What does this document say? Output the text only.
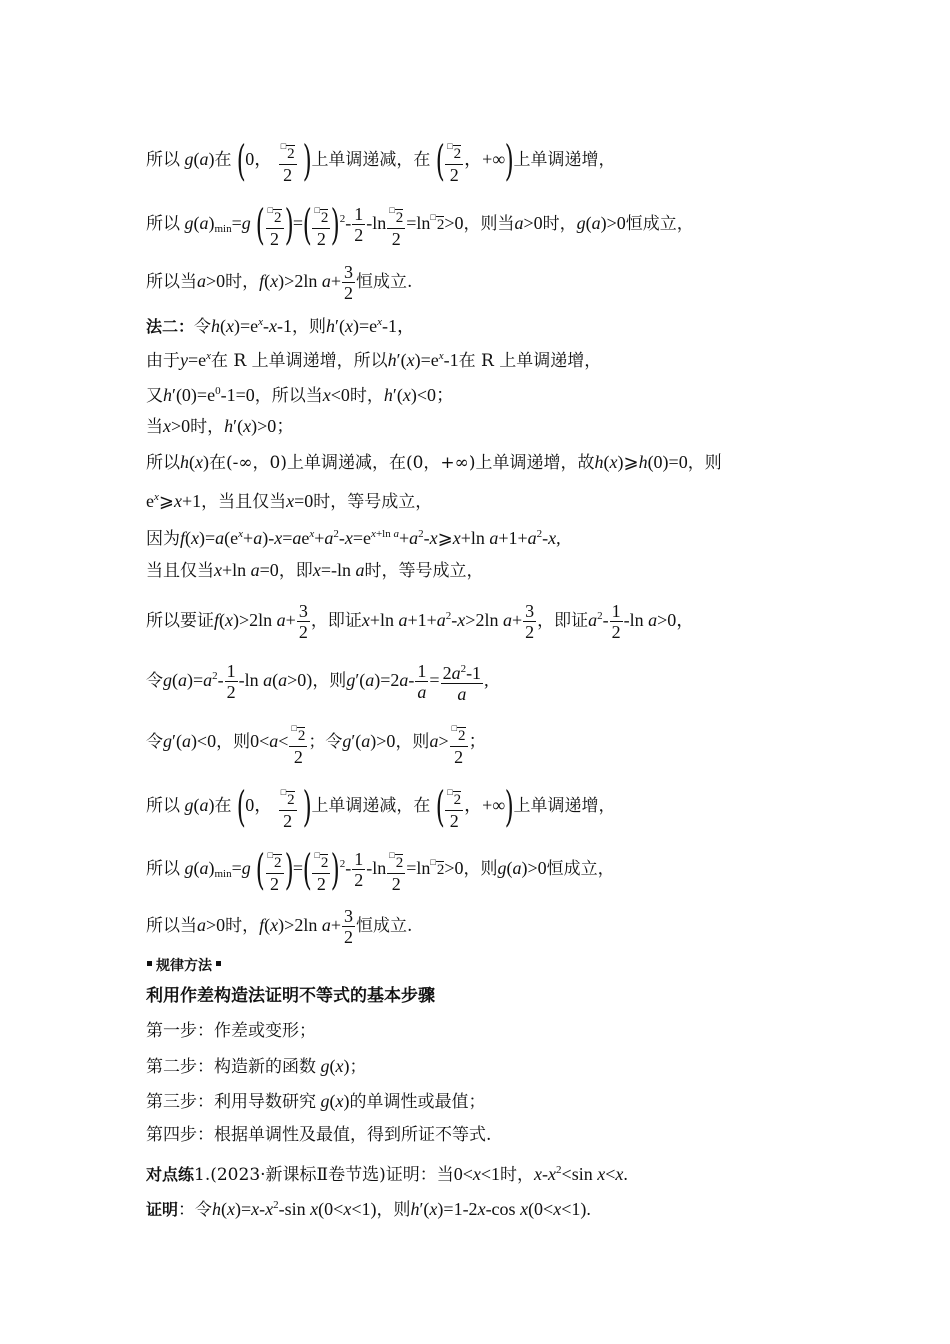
所以 g(a)在 (0， $\frac{^□2}{2}$ )上单调递减，在 ( $\frac{^□2}{2}$ ，+∞)上单调递增，
所以 $g(a)_{min}=g$ ( $\frac{^□2}{2}$ )=( $\frac{^□2}{2} )^2- \frac{1}{2} -\ln \frac{^□2}{2} =\ln^□2>0$，则当a>0时，g(a)>0恒成立，
所以当a>0时，f(x)>2ln $a+ \frac{3}{2}$ 恒成立.
法二：令$h(x)=e^x-x-1$，则$h'(x)=e^x-1$，
由于$y=e^x$在 R 上单调递增，所以$h'(x)=e^x-1$在 R 上单调递增，
又$h'(0)=e^0-1=0$，所以当x<0时，h′(x)<0；
当x>0时，h′(x)>0；
所以h(x)在(-∞，0)上单调递减，在(0，+∞)上单调递增，故h(x)⩾h(0)=0，则
$e^x⩾x+1$，当且仅当x=0时，等号成立，
因为$f(x)=a(e^x+a)-x=ae^x+a^2-x=e^{x+ln a}+a^2-x⩾x+\ln$ $a+1+a^2-x$,
当且仅当x+ln a=0，即x=-ln a时，等号成立，
所以要证f(x)>2ln $a+ \frac{3}{2}$ ，即证x+ln $a+1+a^2-x>2\ln$ $a+ \frac{3}{2}$ ，即证$a^2- \frac{1}{2} -\ln$ a>0，
令$g(a)=a^2- \frac{1}{2} -\ln$ a(a>0)，则$g'(a)=2a- \frac{1}{a} = \frac{2a^2-1}{a}$ ,
令g′(a)<0，则$0<a< \frac{^□2}{2}$ ；令g′(a)>0，则$a> \frac{^□2}{2}$ ；
所以 g(a)在 (0， $\frac{^□2}{2}$ )上单调递减，在 ( $\frac{^□2}{2}$ ，+∞)上单调递增，
所以 $g(a)_{min}=g$ ( $\frac{^□2}{2}$ )=( $\frac{^□2}{2} )^2- \frac{1}{2} -\ln \frac{^□2}{2} =\ln^□2>0$，则g(a)>0恒成立，
所以当a>0时，f(x)>2ln $a+ \frac{3}{2}$ 恒成立.
规律方法
利用作差构造法证明不等式的基本步骤
第一步：作差或变形；
第二步：构造新的函数 g(x)；
第三步：利用导数研究 g(x)的单调性或最值；
第四步：根据单调性及最值，得到所证不等式.
对点练1.(2023·新课标Ⅱ卷节选)证明：当0<x<1时，$x-x^2<\sin$ x<x.
证明：令$h(x)=x-x^2-\sin$ x(0<x<1)，则h′(x)=1-2x-cos x(0<x<1).
